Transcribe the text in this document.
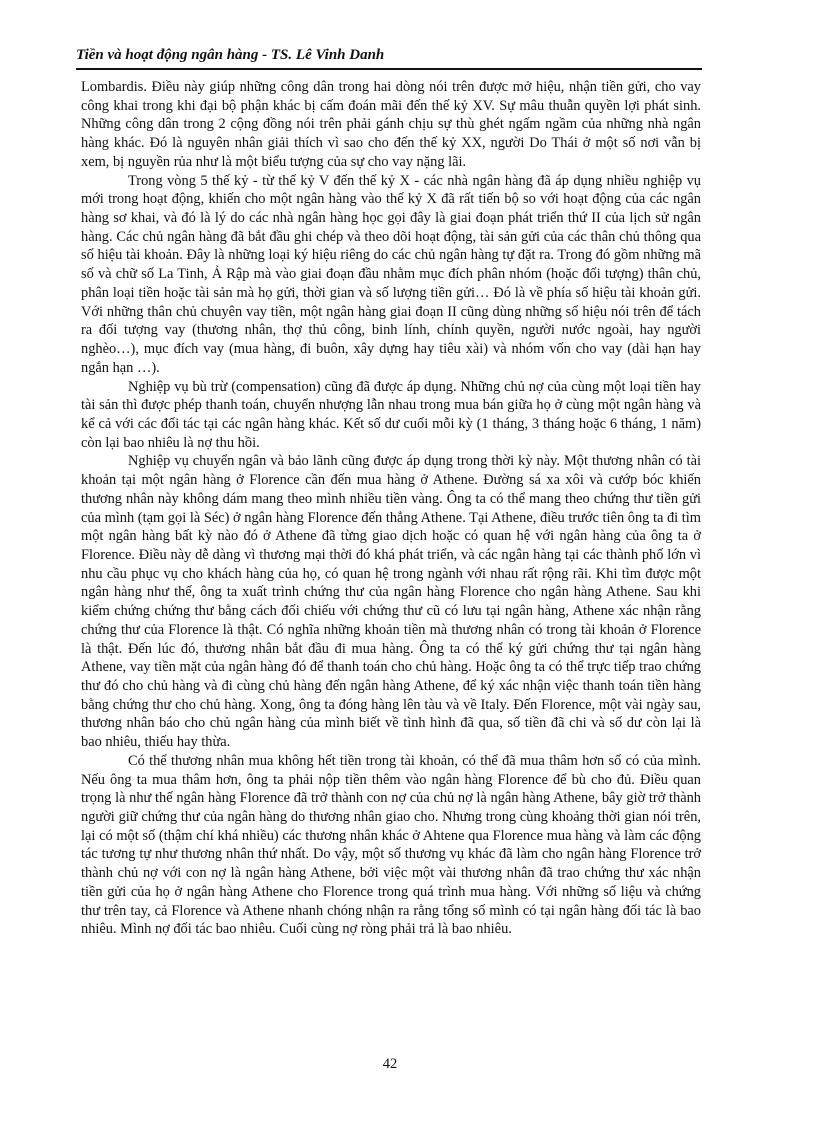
Tiền và hoạt động ngân hàng - TS. Lê Vinh Danh

Lombardis. Điều này giúp những công dân trong hai dòng nói trên được mở hiệu, nhận tiền gửi, cho vay công khai trong khi đại bộ phận khác bị cấm đoán mãi đến thế kỷ XV. Sự mâu thuẫn quyền lợi phát sinh. Những công dân trong 2 cộng đồng nói trên phải gánh chịu sự thù ghét ngấm ngầm của những nhà ngân hàng khác. Đó là nguyên nhân giải thích vì sao cho đến thế kỷ XX, người Do Thái ở một số nơi vẫn bị xem, bị nguyền rủa như là một biểu tượng của sự cho vay nặng lãi.

Trong vòng 5 thế kỷ - từ thế kỷ V đến thế kỷ X - các nhà ngân hàng đã áp dụng nhiều nghiệp vụ mới trong hoạt động, khiến cho một ngân hàng vào thế kỷ X đã rất tiến bộ so với hoạt động của các ngân hàng sơ khai, và đó là lý do các nhà ngân hàng học gọi đây là giai đoạn phát triển thứ II của lịch sử ngân hàng. Các chủ ngân hàng đã bắt đầu ghi chép và theo dõi hoạt động, tài sản gửi của các thân chủ thông qua số hiệu tài khoản. Đây là những loại ký hiệu riêng do các chủ ngân hàng tự đặt ra. Trong đó gồm những mã số và chữ số La Tinh, Ả Rập mà vào giai đoạn đầu nhằm mục đích phân nhóm (hoặc đối tượng) thân chủ, phân loại tiền hoặc tài sản mà họ gửi, thời gian và số lượng tiền gửi… Đó là về phía số hiệu tài khoản gửi. Với những thân chủ chuyên vay tiền, một ngân hàng giai đoạn II cũng dùng những số hiệu nói trên để tách ra đối tượng vay (thương nhân, thợ thủ công, binh lính, chính quyền, người nước ngoài, hay người nghèo…), mục đích vay (mua hàng, đi buôn, xây dựng hay tiêu xài) và nhóm vốn cho vay (dài hạn hay ngắn hạn …).

Nghiệp vụ bù trừ (compensation) cũng đã được áp dụng. Những chủ nợ của cùng một loại tiền hay tài sản thì được phép thanh toán, chuyển nhượng lẫn nhau trong mua bán giữa họ ở cùng một ngân hàng và kể cả với các đối tác tại các ngân hàng khác. Kết số dư cuối mỗi kỳ (1 tháng, 3 tháng hoặc 6 tháng, 1 năm) còn lại bao nhiêu là nợ thu hồi.

Nghiệp vụ chuyển ngân và bảo lãnh cũng được áp dụng trong thời kỳ này. Một thương nhân có tài khoản tại một ngân hàng ở Florence cần đến mua hàng ở Athene. Đường sá xa xôi và cướp bóc khiến thương nhân này không dám mang theo mình nhiều tiền vàng. Ông ta có thể mang theo chứng thư tiền gửi của mình (tạm gọi là Séc) ở ngân hàng Florence đến thẳng Athene. Tại Athene, điều trước tiên ông ta đi tìm một ngân hàng bất kỳ nào đó ở Athene đã từng giao dịch hoặc có quan hệ với ngân hàng của ông ta ở Florence. Điều này dễ dàng vì thương mại thời đó khá phát triển, và các ngân hàng tại các thành phố lớn vì nhu cầu phục vụ cho khách hàng của họ, có quan hệ trong ngành với nhau rất rộng rãi. Khi tìm được một ngân hàng như thế, ông ta xuất trình chứng thư của ngân hàng Florence cho ngân hàng Athene. Sau khi kiểm chứng chứng thư bằng cách đối chiếu với chứng thư cũ có lưu tại ngân hàng, Athene xác nhận rằng chứng thư của Florence là thật. Có nghĩa những khoản tiền mà thương nhân có trong tài khoản ở Florence là thật. Đến lúc đó, thương nhân bắt đầu đi mua hàng. Ông ta có thể ký gửi chứng thư tại ngân hàng Athene, vay tiền mặt của ngân hàng đó để thanh toán cho chủ hàng. Hoặc ông ta có thể trực tiếp trao chứng thư đó cho chủ hàng và đi cùng chủ hàng đến ngân hàng Athene, để ký xác nhận việc thanh toán tiền hàng bằng chứng thư cho chủ hàng. Xong, ông ta đóng hàng lên tàu và về Italy. Đến Florence, một vài ngày sau, thương nhân báo cho chủ ngân hàng của mình biết về tình hình đã qua, số tiền đã chi và số dư còn lại là bao nhiêu, thiếu hay thừa.

Có thể thương nhân mua không hết tiền trong tài khoản, có thể đã mua thâm hơn số có của mình. Nếu ông ta mua thâm hơn, ông ta phải nộp tiền thêm vào ngân hàng Florence để bù cho đủ. Điều quan trọng là như thế ngân hàng Florence đã trở thành con nợ của chủ nợ là ngân hàng Athene, bây giờ trở thành người giữ chứng thư của ngân hàng do thương nhân giao cho. Nhưng trong cùng khoảng thời gian nói trên, lại có một số (thậm chí khá nhiều) các thương nhân khác ở Ahtene qua Florence mua hàng và làm các động tác tương tự như thương nhân thứ nhất. Do vậy, một số thương vụ khác đã làm cho ngân hàng Florence trở thành chủ nợ với con nợ là ngân hàng Athene, bởi việc một vài thương nhân đã trao chứng thư xác nhận tiền gửi của họ ở ngân hàng Athene cho Florence trong quá trình mua hàng. Với những số liệu và chứng thư trên tay, cả Florence và Athene nhanh chóng nhận ra rằng tổng số mình có tại ngân hàng đối tác là bao nhiêu. Mình nợ đối tác bao nhiêu. Cuối cùng nợ ròng phải trả là bao nhiêu.

42
